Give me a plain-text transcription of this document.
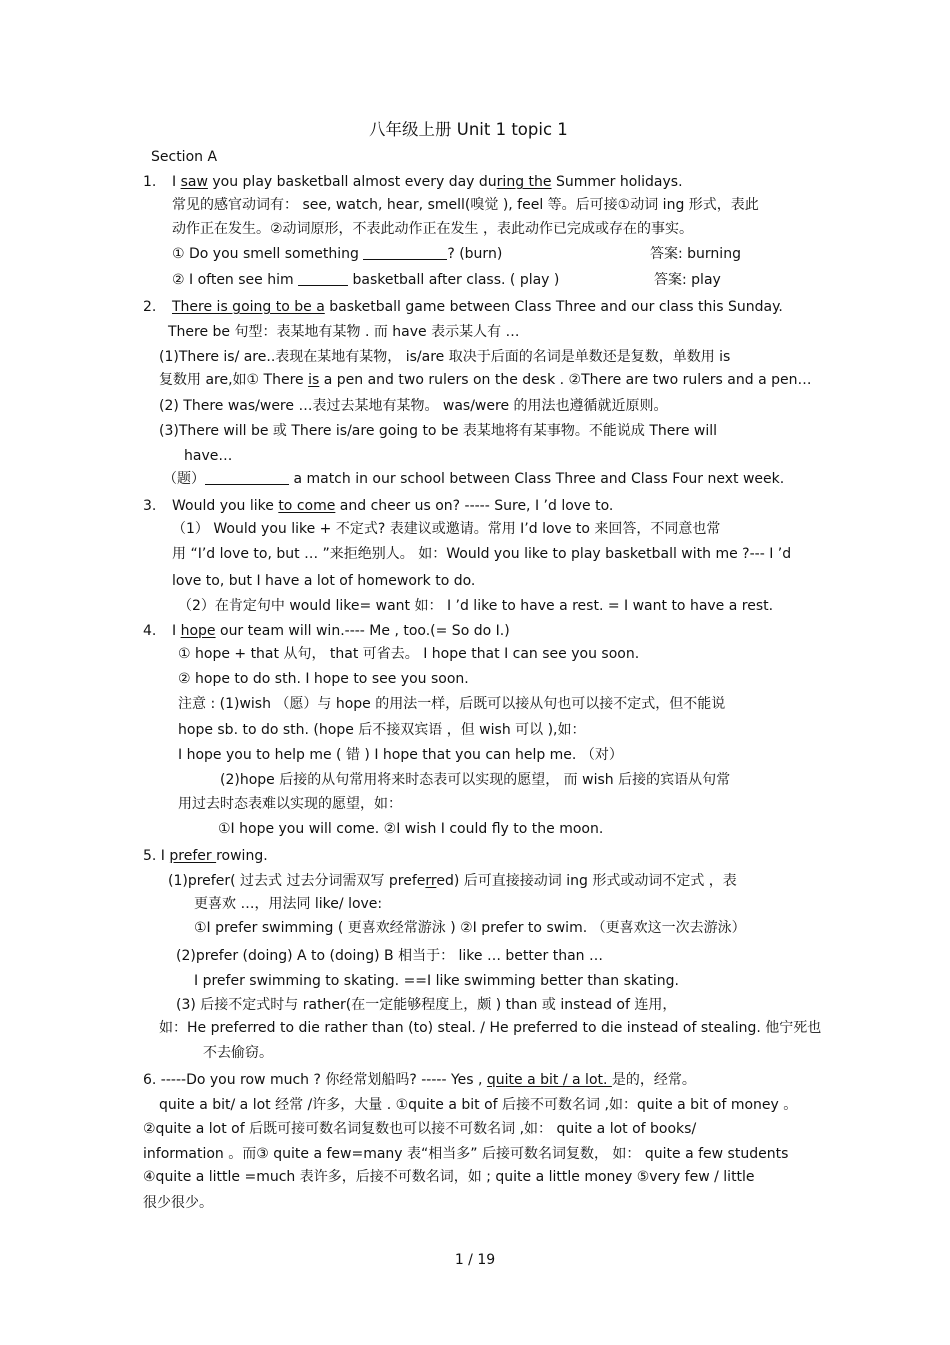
八年级上册 Unit 1 topic 1
Section A
1. I saw you play basketball almost every day during the Summer holidays.
常见的感官动词有： see, watch, hear, smell(嗅觉 ), feel 等。后可接①动词 ing 形式，表此
动作正在发生。②动词原形，不表此动作正在发生 ，表此动作已完成或存在的事实。
① Do you smell something	? (burn)	答案: burning
② I often see him	basketball after class. ( play )	答案: play
2. There is going to be a basketball game between Class Three and our class this Sunday.
There be 句型：表某地有某物 . 而 have 表示某人有 …
(1)There is/ are..表现在某地有某物， is/are 取决于后面的名词是单数还是复数，单数用 is
复数用 are,如① There is a pen and two rulers on the desk . ②There are two rulers and a pen…
(2) There was/were …表过去某地有某物。 was/were 的用法也遵循就近原则。
(3)There will be 或 There is/are going to be 表某地将有某事物。不能说成 There will
have…
（题）	a match in our school between Class Three and Class Four next week.
3. Would you like to come and cheer us on? ----- Sure, I ’d love to.
（1） Would you like + 不定式? 表建议或邀请。常用 I’d love to 来回答，不同意也常
用 “I’d love to, but … ”来拒绝别人。 如：Would you like to play basketball with me ?--- I ’d
love to, but I have a lot of homework to do.
（2）在肯定句中 would like= want 如： I ’d like to have a rest. = I want to have a rest.
4. I hope our team will win.---- Me , too.(= So do I.)
① hope + that 从句， that 可省去。 I hope that I can see you soon.
② hope to do sth. I hope to see you soon.
注意 : (1)wish （愿）与 hope 的用法一样，后既可以接从句也可以接不定式，但不能说
hope sb. to do sth. (hope 后不接双宾语 ，但 wish 可以 ),如：
I hope you to help me ( 错 ) I hope that you can help me. （对）
(2)hope 后接的从句常用将来时态表可以实现的愿望， 而 wish 后接的宾语从句常
用过去时态表难以实现的愿望，如：
①I hope you will come. ②I wish I could fly to the moon.
5. I prefer rowing.
(1)prefer( 过去式 过去分词需双写 preferred) 后可直接接动词 ing 形式或动词不定式 ，表
更喜欢 …，用法同 like/ love:
①I prefer swimming ( 更喜欢经常游泳 ) ②I prefer to swim. （更喜欢这一次去游泳）
(2)prefer (doing) A to (doing) B 相当于： like … better than …
I prefer swimming to skating. ==I like swimming better than skating.
(3) 后接不定式时与 rather(在一定能够程度上，颇 ) than 或 instead of 连用，
如：He preferred to die rather than (to) steal. / He preferred to die instead of stealing. 他宁死也
不去偷窃。
6. -----Do you row much ? 你经常划船吗? ----- Yes , quite a bit / a lot. 是的，经常。
quite a bit/ a lot 经常 /许多，大量 . ①quite a bit of 后接不可数名词 ,如：quite a bit of money 。
②quite a lot of 后既可接可数名词复数也可以接不可数名词 ,如： quite a lot of books/
information 。而③ quite a few=many 表“相当多” 后接可数名词复数， 如： quite a few students
④quite a little =much 表许多，后接不可数名词，如 ; quite a little money ⑤very few / little
很少很少。
1 / 19
